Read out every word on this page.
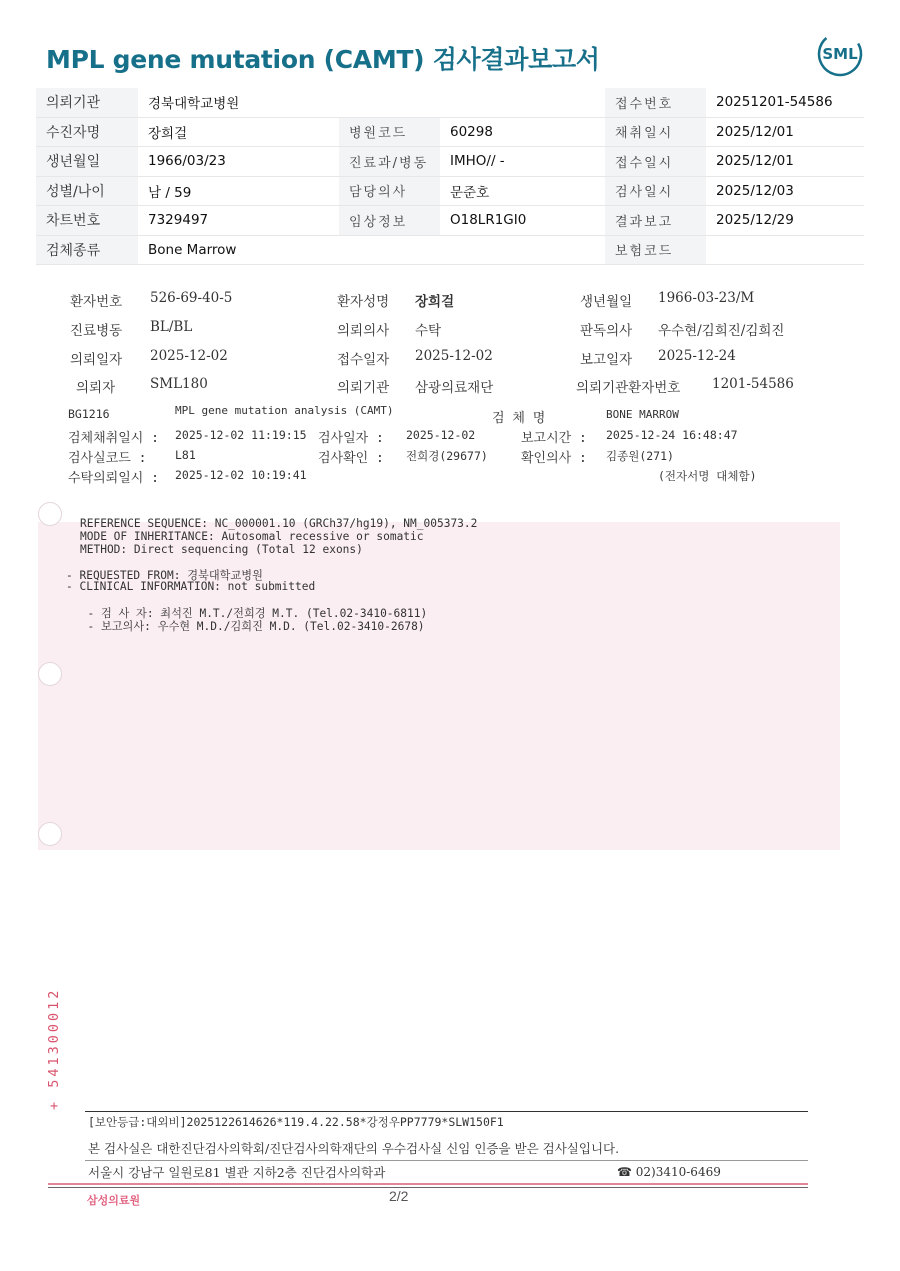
MPL gene mutation (CAMT) 검사결과보고서	SML
의뢰기관	경북대학교병원			접수번호	20251201-54586
수진자명	장희걸	병원코드	60298	채취일시	2025/12/01
생년월일	1966/03/23	진료과/병동	IMHO// -	접수일시	2025/12/01
성별/나이	남 / 59	담당의사	문준호	검사일시	2025/12/03
차트번호	7329497	임상정보	O18LR1GI0	결과보고	2025/12/29
검체종류	Bone Marrow			보험코드	
환자번호 526-69-40-5	환자성명 장희걸	생년월일 1966-03-23/M
진료병동 BL/BL	의뢰의사 수탁	판독의사 우수현/김희진/김희진
의뢰일자 2025-12-02	접수일자 2025-12-02	보고일자 2025-12-24
의뢰자	SML180	의뢰기관 삼광의료재단	의뢰기관환자번호 1201-54586
BG1216	MPL gene mutation analysis (CAMT)
검 체 명	BONE MARROW
검체채취일시 : 2025-12-02 11:19:15 검사일자 : 2025-12-02	보고시간 : 2025-12-24 16:48:47
검사실코드 : L81	검사확인 : 전희경(29677)	확인의사 : 김종원(271)
수탁의뢰일시 : 2025-12-02 10:19:41	(전자서명 대체함)
REFERENCE SEQUENCE: NC_000001.10 (GRCh37/hg19), NM_005373.2
MODE OF INHERITANCE: Autosomal recessive or somatic
METHOD: Direct sequencing (Total 12 exons)
- REQUESTED FROM: 경북대학교병원
- CLINICAL INFORMATION: not submitted
- 검 사 자: 최석진 M.T./전희경 M.T. (Tel.02-3410-6811)
- 보고의사: 우수현 M.D./김희진 M.D. (Tel.02-3410-2678)
+ 541300012
[보안등급:대외비]2025122614626*119.4.22.58*강정우PP7779*SLW150F1
본 검사실은 대한진단검사의학회/진단검사의학재단의 우수검사실 신임 인증을 받은 검사실입니다.
서울시 강남구 일원로81 별관 지하2층 진단검사의학과	☎ 02)3410-6469
삼성의료원	2/2
